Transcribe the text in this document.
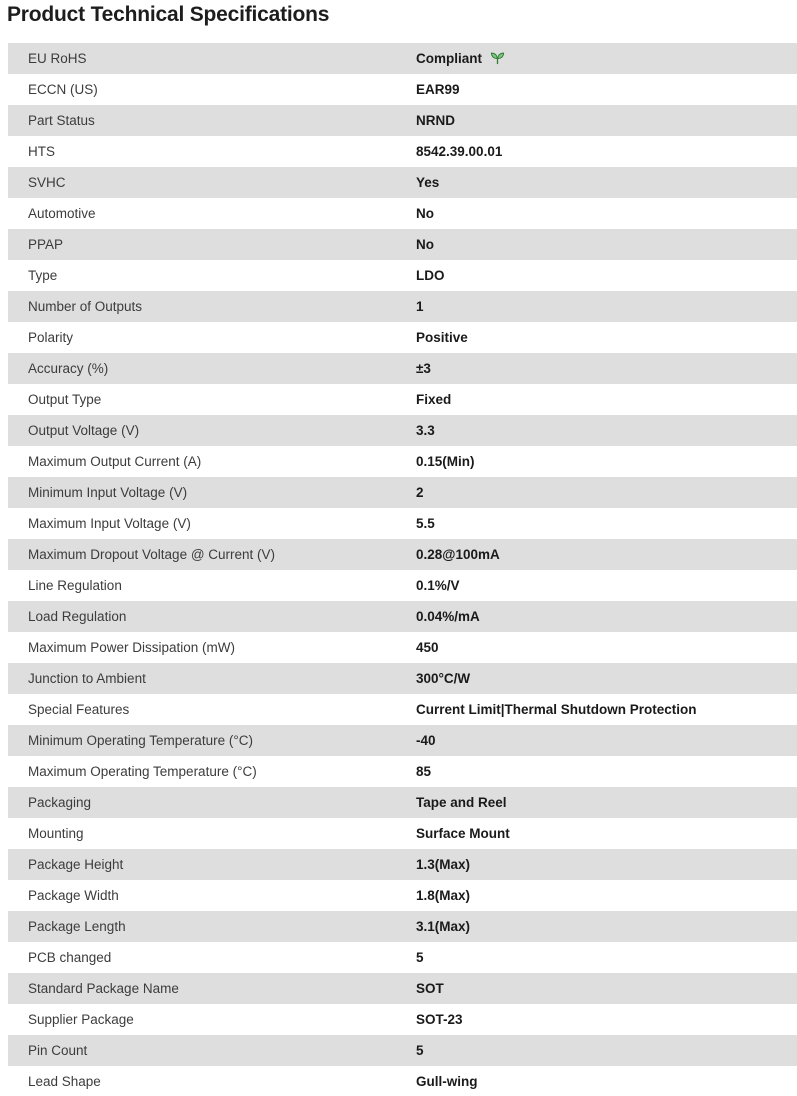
Product Technical Specifications
EU RoHS	Compliant
ECCN (US)	EAR99
Part Status	NRND
HTS	8542.39.00.01
SVHC	Yes
Automotive	No
PPAP	No
Type	LDO
Number of Outputs	1
Polarity	Positive
Accuracy (%)	±3
Output Type	Fixed
Output Voltage (V)	3.3
Maximum Output Current (A)	0.15(Min)
Minimum Input Voltage (V)	2
Maximum Input Voltage (V)	5.5
Maximum Dropout Voltage @ Current (V)	0.28@100mA
Line Regulation	0.1%/V
Load Regulation	0.04%/mA
Maximum Power Dissipation (mW)	450
Junction to Ambient	300°C/W
Special Features	Current Limit|Thermal Shutdown Protection
Minimum Operating Temperature (°C)	-40
Maximum Operating Temperature (°C)	85
Packaging	Tape and Reel
Mounting	Surface Mount
Package Height	1.3(Max)
Package Width	1.8(Max)
Package Length	3.1(Max)
PCB changed	5
Standard Package Name	SOT
Supplier Package	SOT-23
Pin Count	5
Lead Shape	Gull-wing
